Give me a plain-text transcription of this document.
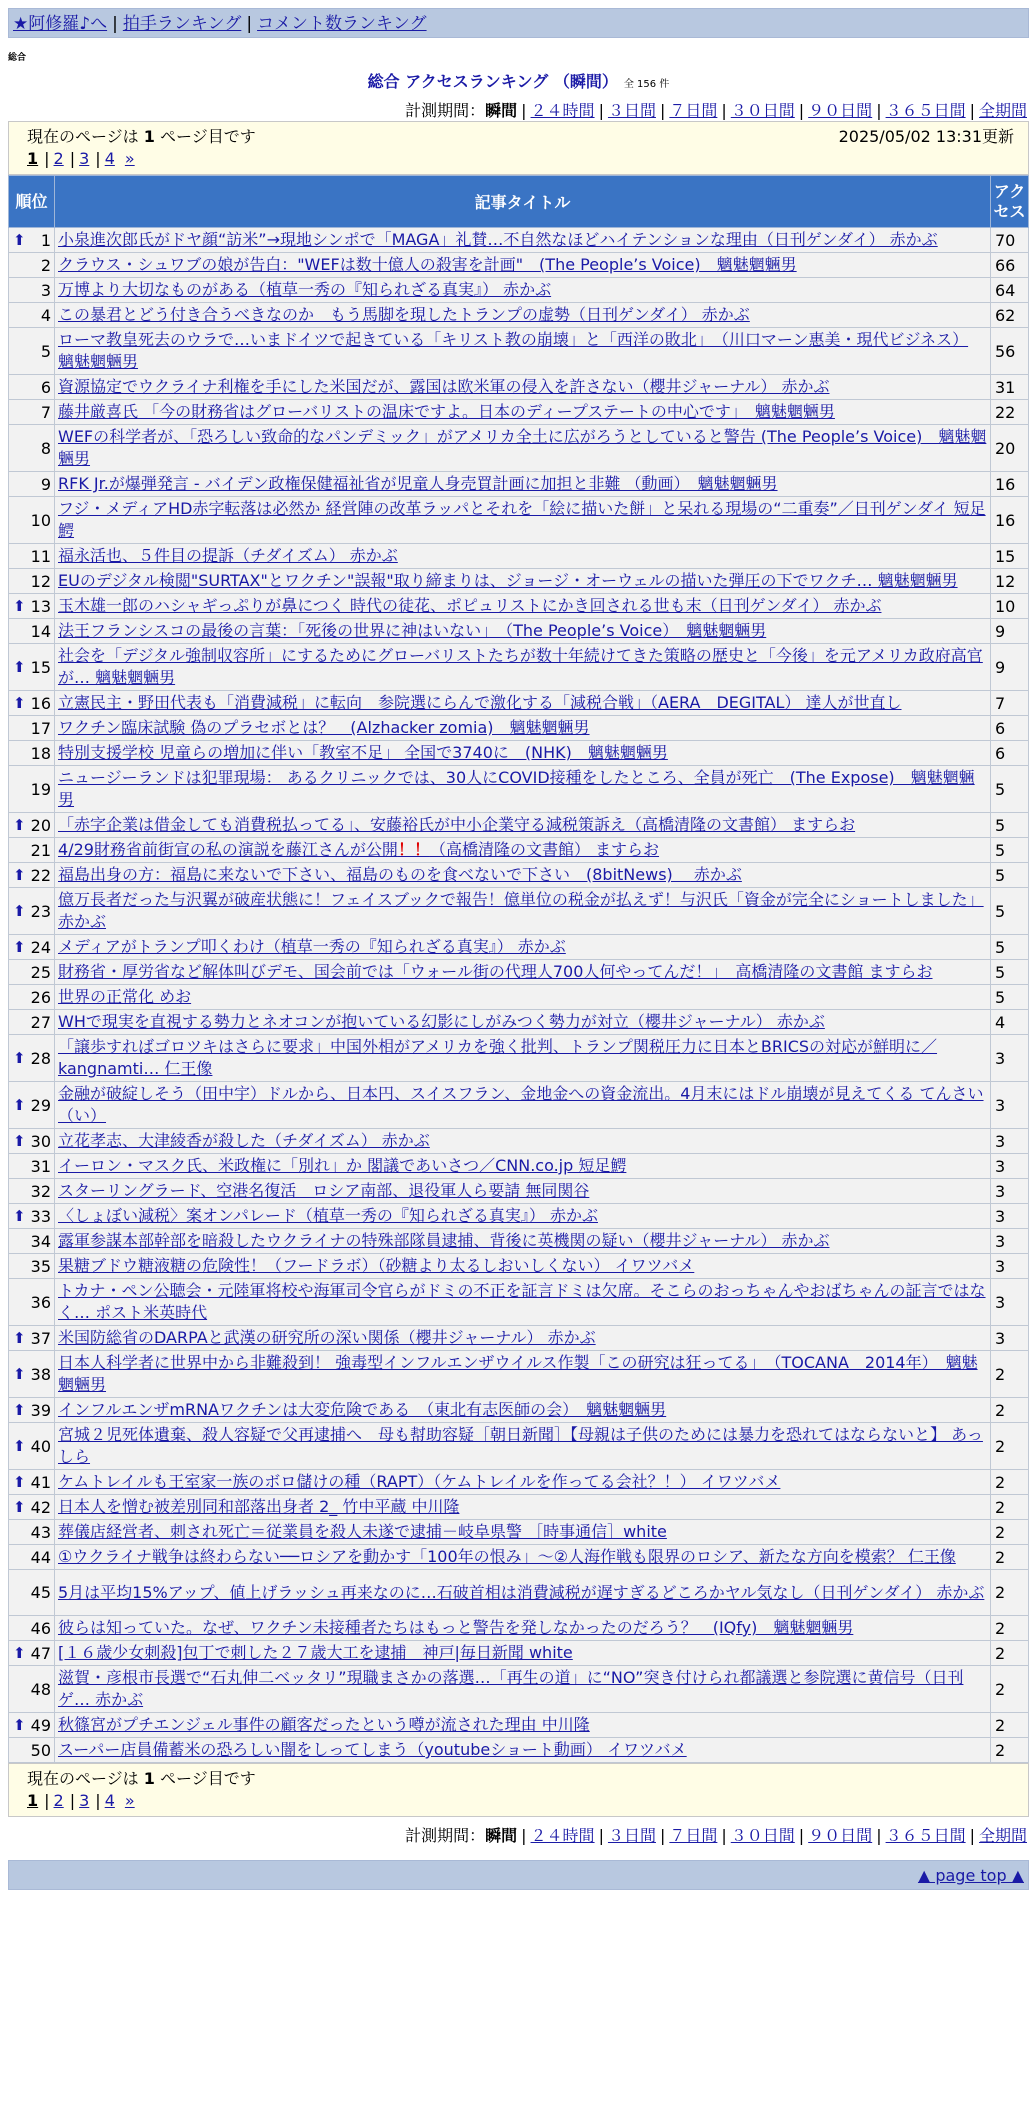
★阿修羅♪へ | 拍手ランキング | コメント数ランキング
総合
総合 アクセスランキング （瞬間） 全 156 件
計測期間：瞬間 | ２４時間 | ３日間 | ７日間 | ３０日間 | ９０日間 | ３６５日間 | 全期間
現在のページは 1 ページ目です	2025/05/02 13:31更新
1 | 2 | 3 | 4 »
順位	記事タイトル	アクセス

⬆ 1	小泉進次郎氏がドヤ顔“訪米”→現地シンポで「MAGA」礼賛…不自然なほどハイテンションな理由（日刊ゲンダイ） 赤かぶ	70
2	クラウス・シュワブの娘が告白："WEFは数十億人の殺害を計画"　(The People’s Voice)　魑魅魍魎男	66
3	万博より大切なものがある（植草一秀の『知られざる真実』） 赤かぶ	64
4	この暴君とどう付き合うべきなのか　もう馬脚を現したトランプの虚勢（日刊ゲンダイ） 赤かぶ	62
5	ローマ教皇死去のウラで…いまドイツで起きている「キリスト教の崩壊」と「西洋の敗北」　（川口マーン惠美・現代ビジネス） 魑魅魍魎男	56
6	資源協定でウクライナ利権を手にした米国だが、露国は欧米軍の侵入を許さない（櫻井ジャーナル） 赤かぶ	31
7	藤井厳喜氏 「今の財務省はグローバリストの温床ですよ。日本のディープステートの中心です」　魑魅魍魎男	22
8	WEFの科学者が、「恐ろしい致命的なパンデミック」がアメリカ全土に広がろうとしていると警告 (The People’s Voice)　魑魅魍魎男	20
9	RFK Jr.が爆弾発言 - バイデン政権保健福祉省が児童人身売買計画に加担と非難 （動画）　魑魅魍魎男	16
10	フジ・メディアHD赤字転落は必然か 経営陣の改革ラッパとそれを「絵に描いた餅」と呆れる現場の“二重奏”／日刊ゲンダイ 短足鰐	16
11	福永活也、５件目の提訴（チダイズム） 赤かぶ	15
12	EUのデジタル検閲"SURTAX"とワクチン"誤報"取り締まりは、ジョージ・オーウェルの描いた弾圧の下でワクチ… 魑魅魍魎男	12

⬆ 13	玉木雄一郎のハシャギっぷりが鼻につく 時代の徒花、ポピュリストにかき回される世も末（日刊ゲンダイ） 赤かぶ	10
14	法王フランシスコの最後の言葉：「死後の世界に神はいない」　（The People’s Voice）　魑魅魍魎男	9

⬆ 15	社会を「デジタル強制収容所」にするためにグローバリストたちが数十年続けてきた策略の歴史と「今後」を元アメリカ政府高官が… 魑魅魍魎男	9

⬆ 16	立憲民主・野田代表も「消費減税」に転向　参院選にらんで激化する「減税合戦」（AERA　DEGITAL） 達人が世直し	7
17	ワクチン臨床試験 偽のプラセボとは？　(Alzhacker zomia)　魑魅魍魎男	6
18	特別支援学校 児童らの増加に伴い「教室不足」 全国で3740に　(NHK)　魑魅魍魎男	6
19	ニュージーランドは犯罪現場： あるクリニックでは、30人にCOVID接種をしたところ、全員が死亡　(The Expose)　魑魅魍魎男	5

⬆ 20	「赤字企業は借金しても消費税払ってる」、安藤裕氏が中小企業守る減税策訴え（高橋清隆の文書館） ますらお	5
21	4/29財務省前街宣の私の演説を藤江さんが公開！！（高橋清隆の文書館） ますらお	5

⬆ 22	福島出身の方：福島に来ないで下さい、福島のものを食べないで下さい　(8bitNews)　 赤かぶ	5

⬆ 23	億万長者だった与沢翼が破産状態に！フェイスブックで報告！億単位の税金が払えず！与沢氏「資金が完全にショートしました」 赤かぶ	5

⬆ 24	メディアがトランプ叩くわけ（植草一秀の『知られざる真実』） 赤かぶ	5
25	財務省・厚労省など解体叫びデモ、国会前では「ウォール街の代理人700人何やってんだ！」　高橋清隆の文書館 ますらお	5
26	世界の正常化 めお	5
27	WHで現実を直視する勢力とネオコンが抱いている幻影にしがみつく勢力が対立（櫻井ジャーナル） 赤かぶ	4

⬆ 28	「譲歩すればゴロツキはさらに要求」中国外相がアメリカを強く批判、トランプ関税圧力に日本とBRICSの対応が鮮明に／kangnamti… 仁王像	3

⬆ 29	金融が破綻しそう（田中宇）ドルから、日本円、スイスフラン、金地金への資金流出。4月末にはドル崩壊が見えてくる てんさい（い）	3

⬆ 30	立花孝志、大津綾香が殺した（チダイズム） 赤かぶ	3
31	イーロン・マスク氏、米政権に「別れ」か 閣議であいさつ／CNN.co.jp 短足鰐	3
32	スターリングラード、空港名復活　ロシア南部、退役軍人ら要請 無同関谷	3

⬆ 33	〈しょぼい減税〉案オンパレード（植草一秀の『知られざる真実』） 赤かぶ	3
34	露軍参謀本部幹部を暗殺したウクライナの特殊部隊員逮捕、背後に英機関の疑い（櫻井ジャーナル） 赤かぶ	3
35	果糖ブドウ糖液糖の危険性！（フードラボ）（砂糖より太るしおいしくない） イワツバメ	3
36	トカナ・ペン公聴会・元陸軍将校や海軍司令官らがドミの不正を証言ドミは欠席。そこらのおっちゃんやおばちゃんの証言ではなく… ポスト米英時代	3

⬆ 37	米国防総省のDARPAと武漢の研究所の深い関係（櫻井ジャーナル） 赤かぶ	3

⬆ 38	日本人科学者に世界中から非難殺到！ 強毒型インフルエンザウイルス作製「この研究は狂ってる」　（TOCANA　2014年）　魑魅魍魎男	2

⬆ 39	インフルエンザmRNAワクチンは大変危険である　（東北有志医師の会）　魑魅魍魎男	2

⬆ 40	宮城２児死体遺棄、殺人容疑で父再逮捕へ　母も幇助容疑［朝日新聞］【母親は子供のためには暴力を恐れてはならないと】 あっしら	2

⬆ 41	ケムトレイルも王室家一族のボロ儲けの種（RAPT）（ケムトレイルを作ってる会社？！） イワツバメ	2

⬆ 42	日本人を憎む被差別同和部落出身者 2_ 竹中平蔵 中川隆	2
43	葬儀店経営者、刺され死亡＝従業員を殺人未遂で逮捕－岐阜県警 ［時事通信］white	2
44	①ウクライナ戦争は終わらない──ロシアを動かす「100年の恨み」～②人海作戦も限界のロシア、新たな方向を模索？ 仁王像	2
45	5月は平均15%アップ、値上げラッシュ再来なのに…石破首相は消費減税が遅すぎるどころかヤル気なし（日刊ゲンダイ） 赤かぶ	2
46	彼らは知っていた。なぜ、ワクチン未接種者たちはもっと警告を発しなかったのだろう？　(IQfy)　魑魅魍魎男	2

⬆ 47	[１６歳少女刺殺]包丁で刺した２７歳大工を逮捕　神戸|毎日新聞 white	2
48	滋賀・彦根市長選で“石丸伸二ベッタリ”現職まさかの落選…「再生の道」に“NO”突き付けられ都議選と参院選に黄信号（日刊ゲ… 赤かぶ	2

⬆ 49	秋篠宮がプチエンジェル事件の顧客だったという噂が流された理由 中川隆	2
50	スーパー店員備蓄米の恐ろしい闇をしってしまう（youtubeショート動画） イワツバメ	2
現在のページは 1 ページ目です
1 | 2 | 3 | 4 »
計測期間：瞬間 | ２４時間 | ３日間 | ７日間 | ３０日間 | ９０日間 | ３６５日間 | 全期間
▲ page top ▲
